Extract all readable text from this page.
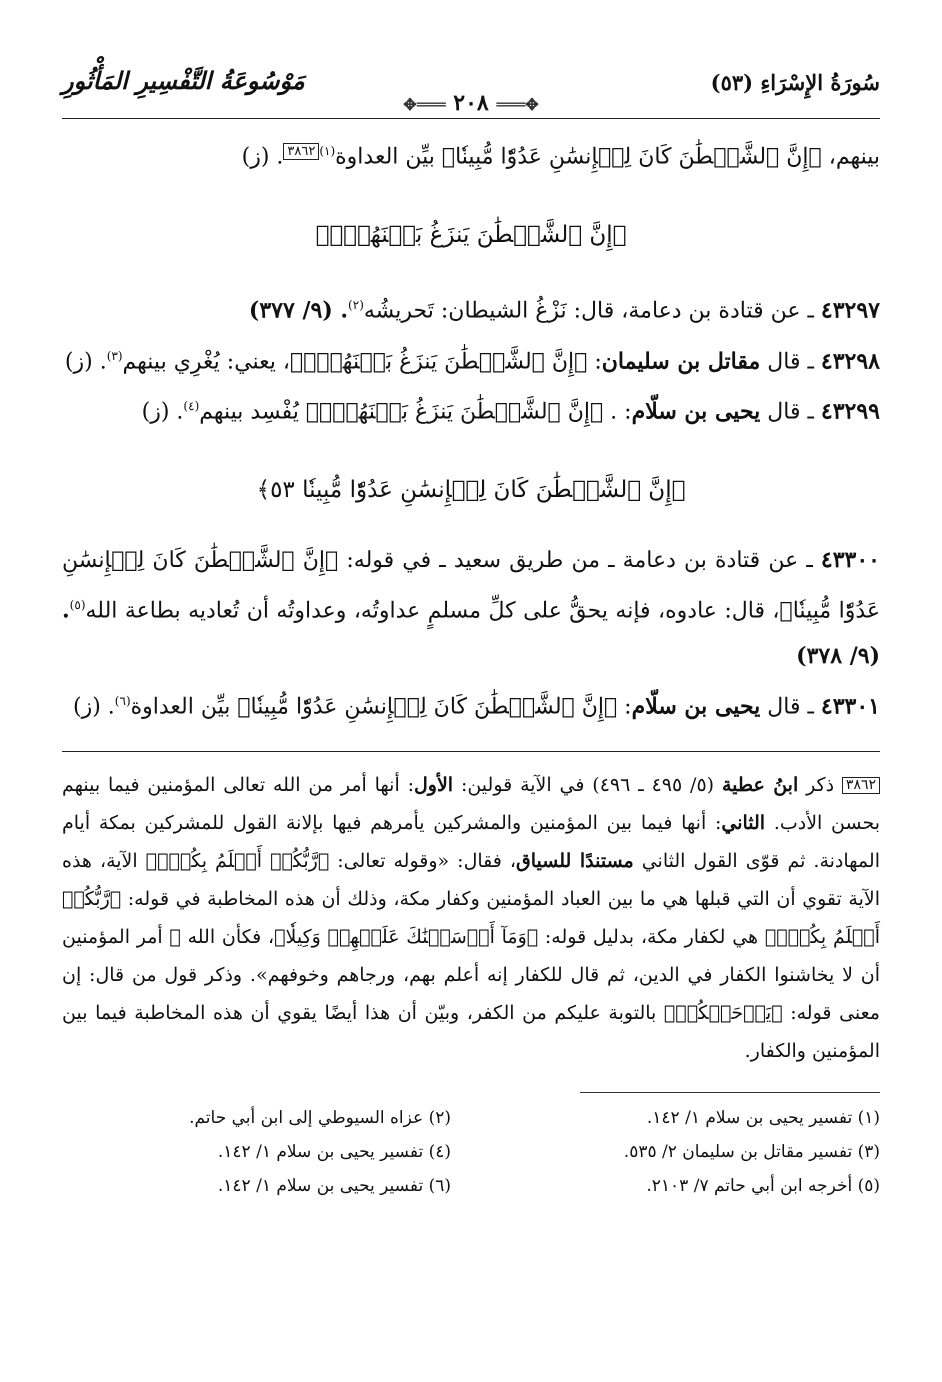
سُورَةُ الإِسْرَاءِ (٥٣)
مَوْسُوعَةُ التَّفْسِيرِ المَأْثُورِ
✥═══ ٢٠٨ ═══✥

بينهم، ﴿إِنَّ ٱلشَّيۡطَٰنَ كَانَ لِلۡإِنسَٰنِ عَدُوّٗا مُّبِينٗا﴾ بيِّن العداوة$^{(١)}$٣٨٦٢. (ز)

﴿إِنَّ ٱلشَّيۡطَٰنَ يَنزَغُ بَيۡنَهُمۡۚ﴾

٤٣٢٩٧ ـ عن قتادة بن دعامة، قال: نَزْغُ الشيطان: تَحريشُه$^{(٢)}$. (٩/ ٣٧٧)

٤٣٢٩٨ ـ قال مقاتل بن سليمان: ﴿إِنَّ ٱلشَّيۡطَٰنَ يَنزَغُ بَيۡنَهُمۡۚ﴾، يعني: يُغْرِي بينهم$^{(٣)}$. (ز)

٤٣٢٩٩ ـ قال يحيى بن سلّام: . ﴿إِنَّ ٱلشَّيۡطَٰنَ يَنزَغُ بَيۡنَهُمۡۚ﴾ يُفْسِد بينهم$^{(٤)}$. (ز)

﴿إِنَّ ٱلشَّيۡطَٰنَ كَانَ لِلۡإِنسَٰنِ عَدُوّٗا مُّبِينٗا ٥٣﴾

٤٣٣٠٠ ـ عن قتادة بن دعامة ـ من طريق سعيد ـ في قوله: ﴿إِنَّ ٱلشَّيۡطَٰنَ كَانَ لِلۡإِنسَٰنِ عَدُوّٗا مُّبِينٗا﴾، قال: عادوه، فإنه يحقُّ على كلِّ مسلمٍ عداوتُه، وعداوتُه أن تُعاديه بطاعة الله$^{(٥)}$. (٩/ ٣٧٨)

٤٣٣٠١ ـ قال يحيى بن سلّام: ﴿إِنَّ ٱلشَّيۡطَٰنَ كَانَ لِلۡإِنسَٰنِ عَدُوّٗا مُّبِينٗا﴾ بيِّن العداوة$^{(٦)}$. (ز)

٣٨٦٢ ذكر ابنُ عطية (٥/ ٤٩٥ ـ ٤٩٦) في الآية قولين: الأول: أنها أمر من الله تعالى المؤمنين فيما بينهم بحسن الأدب. الثاني: أنها فيما بين المؤمنين والمشركين يأمرهم فيها بإلانة القول للمشركين بمكة أيام المهادنة. ثم قوّى القول الثاني مستندًا للسياق، فقال: «وقوله تعالى: ﴿رَّبُّكُمۡ أَعۡلَمُ بِكُمۡۖ﴾ الآية، هذه الآية تقوي أن التي قبلها هي ما بين العباد المؤمنين وكفار مكة، وذلك أن هذه المخاطبة في قوله: ﴿رَّبُّكُمۡ أَعۡلَمُ بِكُمۡۖ﴾ هي لكفار مكة، بدليل قوله: ﴿وَمَآ أَرۡسَلۡنَٰكَ عَلَيۡهِمۡ وَكِيلٗا﴾، فكأن الله ﷻ أمر المؤمنين أن لا يخاشنوا الكفار في الدين، ثم قال للكفار إنه أعلم بهم، ورجاهم وخوفهم». وذكر قول من قال: إن معنى قوله: ﴿يَرۡحَمۡكُمۡ﴾ بالتوبة عليكم من الكفر، وبيّن أن هذا أيضًا يقوي أن هذه المخاطبة فيما بين المؤمنين والكفار.
(١) تفسير يحيى بن سلام ١/ ١٤٢.
(٢) عزاه السيوطي إلى ابن أبي حاتم.
(٣) تفسير مقاتل بن سليمان ٢/ ٥٣٥.
(٤) تفسير يحيى بن سلام ١/ ١٤٢.
(٥) أخرجه ابن أبي حاتم ٧/ ٢١٠٣.
(٦) تفسير يحيى بن سلام ١/ ١٤٢.
